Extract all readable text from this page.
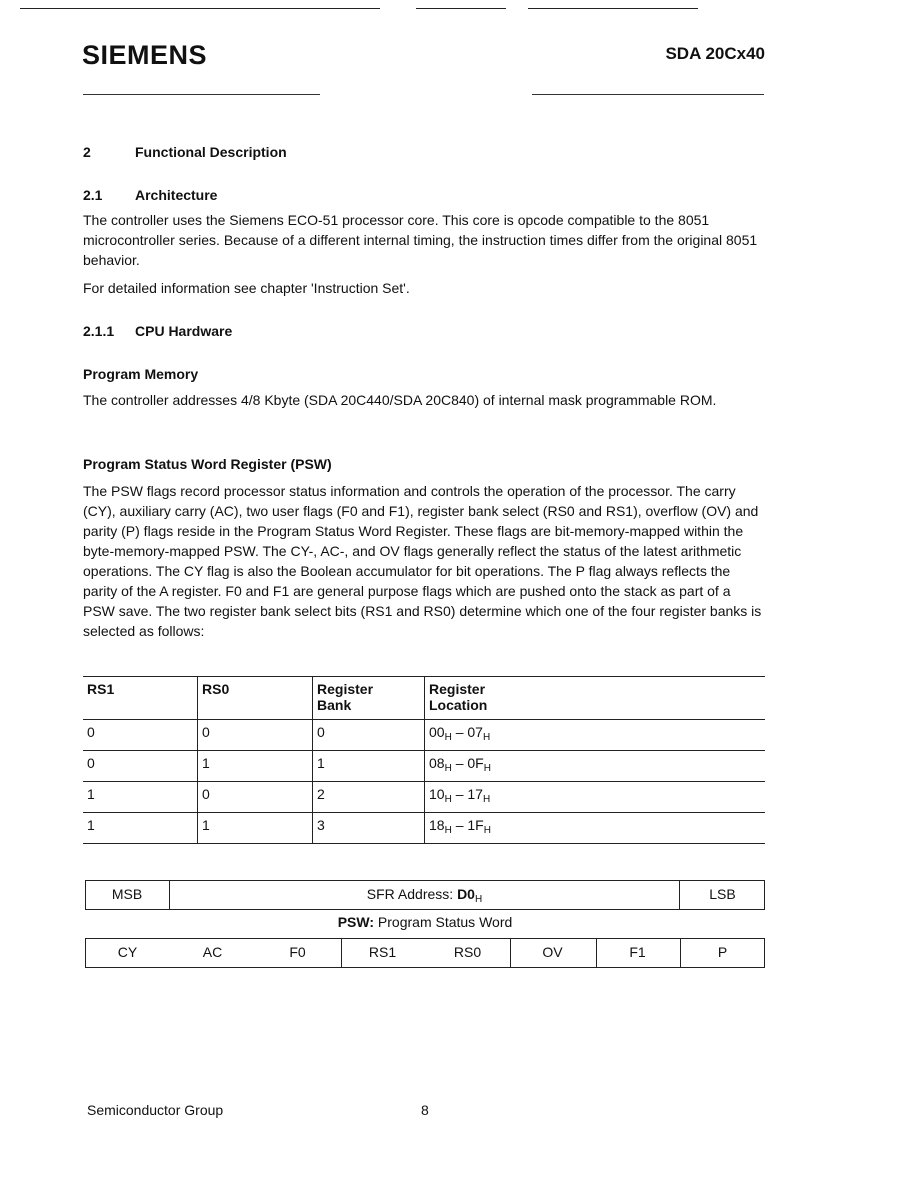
SIEMENS	SDA 20Cx40
2	Functional Description
2.1 Architecture
The controller uses the Siemens ECO-51 processor core. This core is opcode compatible to the 8051 microcontroller series. Because of a different internal timing, the instruction times differ from the original 8051 behavior.
For detailed information see chapter 'Instruction Set'.
2.1.1 CPU Hardware
Program Memory
The controller addresses 4/8 Kbyte (SDA 20C440/SDA 20C840) of internal mask programmable ROM.
Program Status Word Register (PSW)
The PSW flags record processor status information and controls the operation of the processor. The carry (CY), auxiliary carry (AC), two user flags (F0 and F1), register bank select (RS0 and RS1), overflow (OV) and parity (P) flags reside in the Program Status Word Register. These flags are bit-memory-mapped within the byte-memory-mapped PSW. The CY-, AC-, and OV flags generally reflect the status of the latest arithmetic operations. The CY flag is also the Boolean accumulator for bit operations. The P flag always reflects the parity of the A register. F0 and F1 are general purpose flags which are pushed onto the stack as part of a PSW save. The two register bank select bits (RS1 and RS0) determine which one of the four register banks is selected as follows:
RS1	RS0	Register Bank	Register Location

0	0	0	$00_H - 07_H$
0	1	1	$08_H - 0F_H$
1	0	2	$10_H - 17_H$
1	1	3	$18_H - 1F_H$
MSB	SFR Address: $D0_H$	LSB
PSW: Program Status Word
CY	AC	F0	RS1	RS0	OV	F1	P
Semiconductor Group	8
